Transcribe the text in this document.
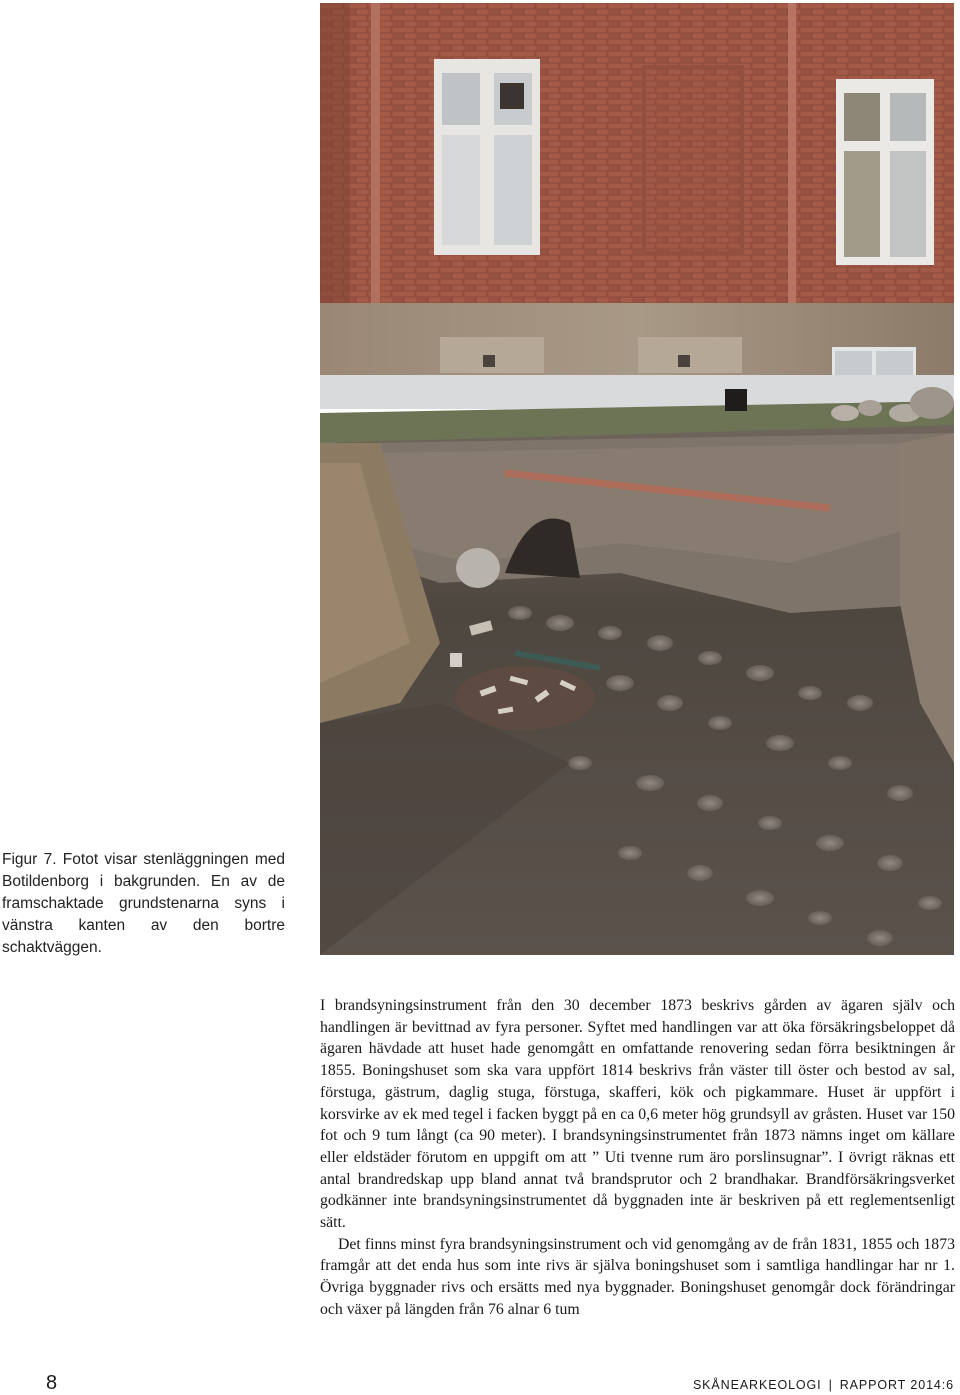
Figur 7. Fotot visar stenläggningen med Botildenborg i bakgrunden. En av de framschaktade grundstenarna syns i vänstra kanten av den bortre schaktväggen.

I brandsyningsinstrument från den 30 december 1873 beskrivs gården av ägaren själv och handlingen är bevittnad av fyra personer. Syftet med handlingen var att öka försäkringsbeloppet då ägaren hävdade att huset hade genomgått en omfattande renovering sedan förra besiktningen år 1855. Boningshuset som ska vara uppfört 1814 beskrivs från väster till öster och bestod av sal, förstuga, gästrum, daglig stuga, förstuga, skafferi, kök och pigkammare. Huset är uppfört i korsvirke av ek med tegel i facken byggt på en ca 0,6 meter hög grundsyll av gråsten. Huset var 150 fot och 9 tum långt (ca 90 meter). I brandsyningsinstrumentet från 1873 nämns inget om källare eller eldstäder förutom en uppgift om att ” Uti tvenne rum äro porslinsugnar”. I övrigt räknas ett antal brandredskap upp bland annat två brandsprutor och 2 brandhakar. Brandförsäkringsverket godkänner inte brandsyningsinstrumentet då byggnaden inte är beskriven på ett reglementsenligt sätt.

Det finns minst fyra brandsyningsinstrument och vid genomgång av de från 1831, 1855 och 1873 framgår att det enda hus som inte rivs är själva boningshuset som i samtliga handlingar har nr 1. Övriga byggnader rivs och ersätts med nya byggnader. Boningshuset genomgår dock förändringar och växer på längden från 76 alnar 6 tum

8	SKÅNEARKEOLOGI | RAPPORT 2014:6
